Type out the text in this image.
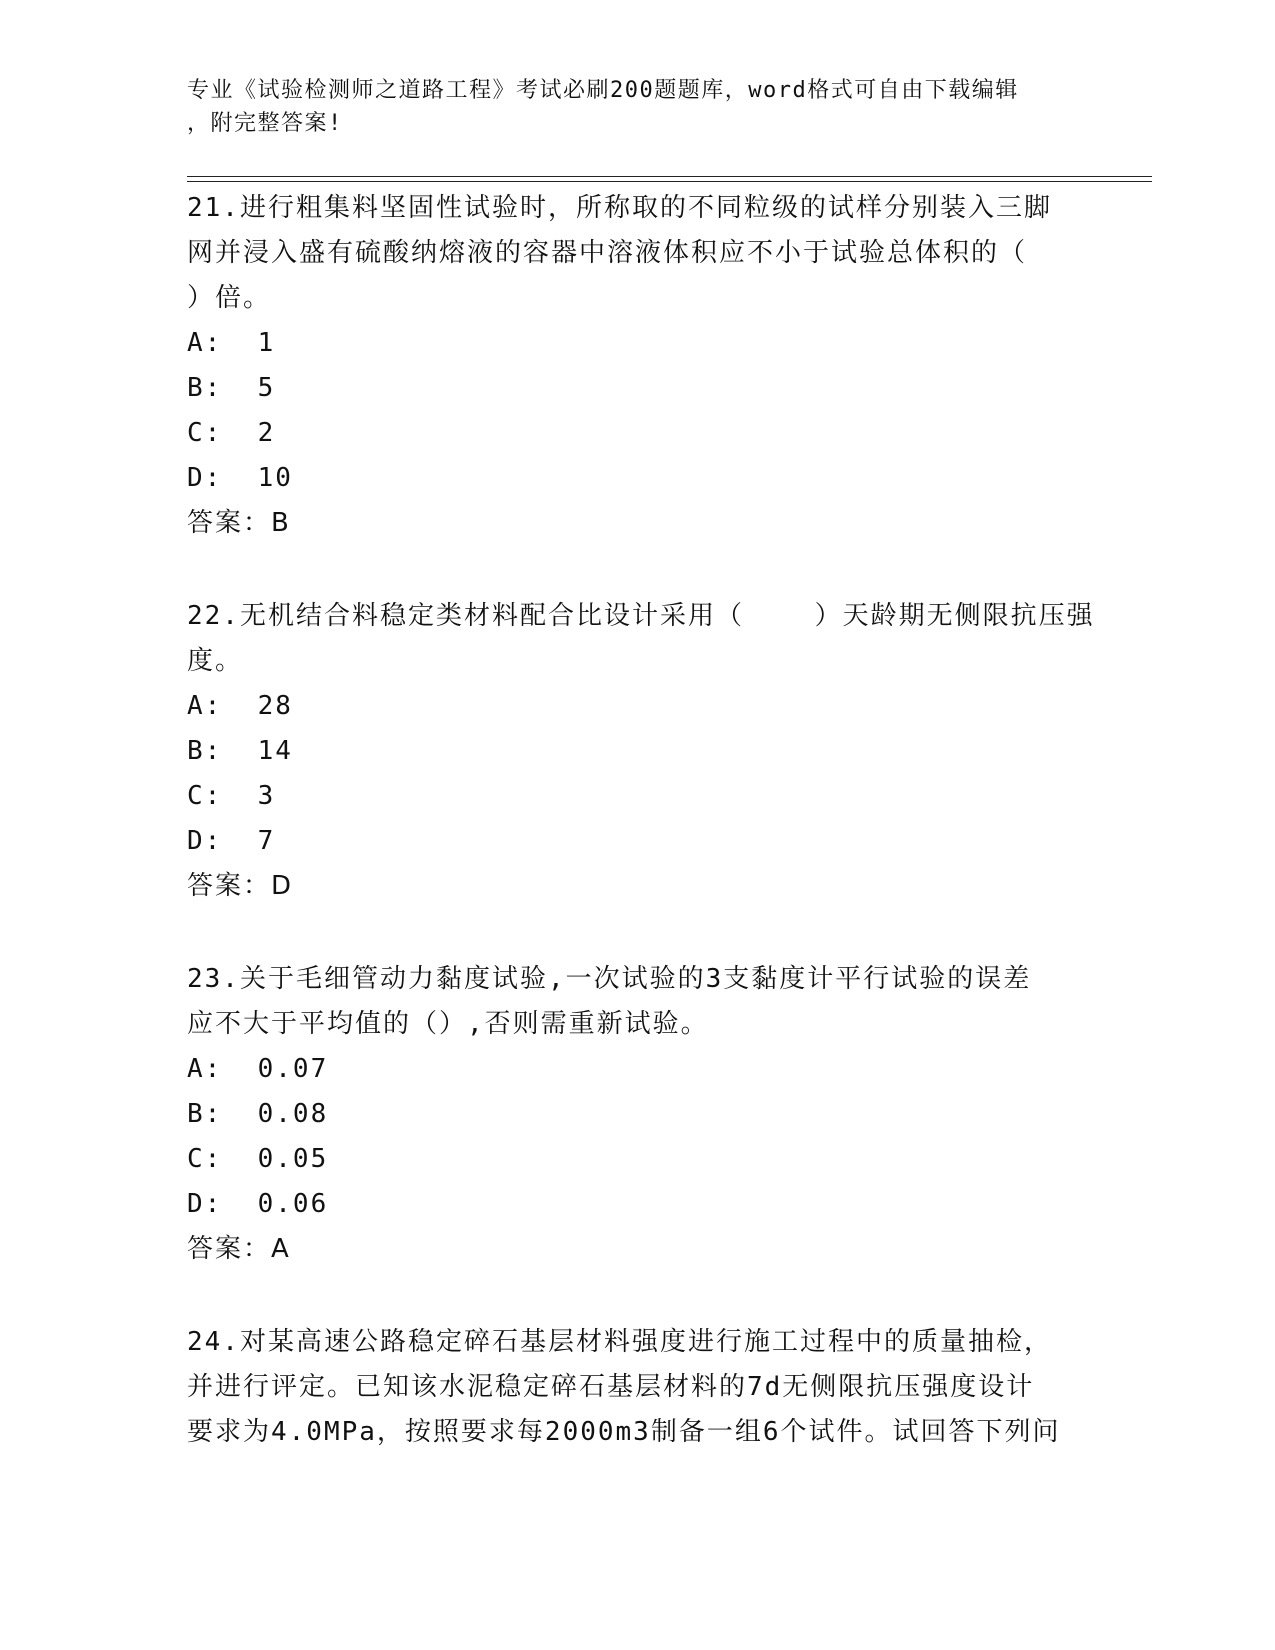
专业《试验检测师之道路工程》考试必刷200题题库，word格式可自由下载编辑
，附完整答案!

21.进行粗集料坚固性试验时，所称取的不同粒级的试样分别装入三脚

网并浸入盛有硫酸纳熔液的容器中溶液体积应不小于试验总体积的（

）倍。

A:  1

B:  5

C:  2

D:  10

答案：B

22.无机结合料稳定类材料配合比设计采用（    ）天龄期无侧限抗压强

度。

A:  28

B:  14

C:  3

D:  7

答案：D

23.关于毛细管动力黏度试验,一次试验的3支黏度计平行试验的误差

应不大于平均值的（）,否则需重新试验。

A:  0.07

B:  0.08

C:  0.05

D:  0.06

答案：A

24.对某高速公路稳定碎石基层材料强度进行施工过程中的质量抽检，

并进行评定。已知该水泥稳定碎石基层材料的7d无侧限抗压强度设计

要求为4.0MPa，按照要求每2000m3制备一组6个试件。试回答下列问
